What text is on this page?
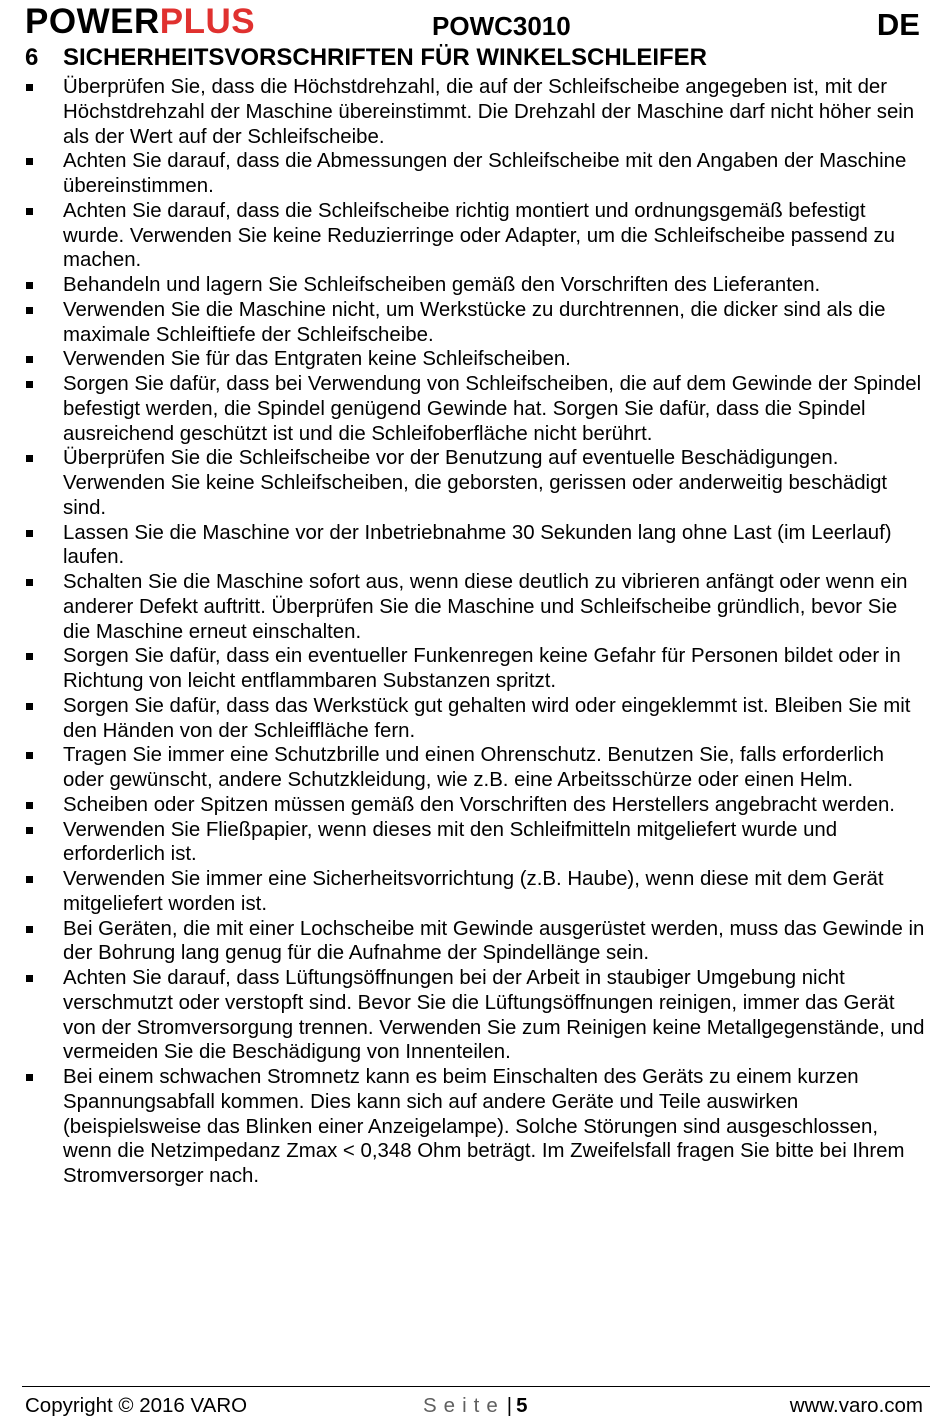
POWERPLUS	POWC3010	DE
6 SICHERHEITSVORSCHRIFTEN FÜR WINKELSCHLEIFER
Überprüfen Sie, dass die Höchstdrehzahl, die auf der Schleifscheibe angegeben ist, mit der Höchstdrehzahl der Maschine übereinstimmt. Die Drehzahl der Maschine darf nicht höher sein als der Wert auf der Schleifscheibe.
Achten Sie darauf, dass die Abmessungen der Schleifscheibe mit den Angaben der Maschine übereinstimmen.
Achten Sie darauf, dass die Schleifscheibe richtig montiert und ordnungsgemäß befestigt wurde. Verwenden Sie keine Reduzierringe oder Adapter, um die Schleifscheibe passend zu machen.
Behandeln und lagern Sie Schleifscheiben gemäß den Vorschriften des Lieferanten.
Verwenden Sie die Maschine nicht, um Werkstücke zu durchtrennen, die dicker sind als die maximale Schleiftiefe der Schleifscheibe.
Verwenden Sie für das Entgraten keine Schleifscheiben.
Sorgen Sie dafür, dass bei Verwendung von Schleifscheiben, die auf dem Gewinde der Spindel befestigt werden, die Spindel genügend Gewinde hat. Sorgen Sie dafür, dass die Spindel ausreichend geschützt ist und die Schleifoberfläche nicht berührt.
Überprüfen Sie die Schleifscheibe vor der Benutzung auf eventuelle Beschädigungen. Verwenden Sie keine Schleifscheiben, die geborsten, gerissen oder anderweitig beschädigt sind.
Lassen Sie die Maschine vor der Inbetriebnahme 30 Sekunden lang ohne Last (im Leerlauf) laufen.
Schalten Sie die Maschine sofort aus, wenn diese deutlich zu vibrieren anfängt oder wenn ein anderer Defekt auftritt. Überprüfen Sie die Maschine und Schleifscheibe gründlich, bevor Sie die Maschine erneut einschalten.
Sorgen Sie dafür, dass ein eventueller Funkenregen keine Gefahr für Personen bildet oder in Richtung von leicht entflammbaren Substanzen spritzt.
Sorgen Sie dafür, dass das Werkstück gut gehalten wird oder eingeklemmt ist. Bleiben Sie mit den Händen von der Schleiffläche fern.
Tragen Sie immer eine Schutzbrille und einen Ohrenschutz. Benutzen Sie, falls erforderlich oder gewünscht, andere Schutzkleidung, wie z.B. eine Arbeitsschürze oder einen Helm.
Scheiben oder Spitzen müssen gemäß den Vorschriften des Herstellers angebracht werden.
Verwenden Sie Fließpapier, wenn dieses mit den Schleifmitteln mitgeliefert wurde und erforderlich ist.
Verwenden Sie immer eine Sicherheitsvorrichtung (z.B. Haube), wenn diese mit dem Gerät mitgeliefert worden ist.
Bei Geräten, die mit einer Lochscheibe mit Gewinde ausgerüstet werden, muss das Gewinde in der Bohrung lang genug für die Aufnahme der Spindellänge sein.
Achten Sie darauf, dass Lüftungsöffnungen bei der Arbeit in staubiger Umgebung nicht verschmutzt oder verstopft sind. Bevor Sie die Lüftungsöffnungen reinigen, immer das Gerät von der Stromversorgung trennen. Verwenden Sie zum Reinigen keine Metallgegenstände, und vermeiden Sie die Beschädigung von Innenteilen.
Bei einem schwachen Stromnetz kann es beim Einschalten des Geräts zu einem kurzen Spannungsabfall kommen. Dies kann sich auf andere Geräte und Teile auswirken (beispielsweise das Blinken einer Anzeigelampe). Solche Störungen sind ausgeschlossen, wenn die Netzimpedanz Zmax < 0,348 Ohm beträgt. Im Zweifelsfall fragen Sie bitte bei Ihrem Stromversorger nach.
Copyright © 2016 VARO	Seite| 5	www.varo.com
